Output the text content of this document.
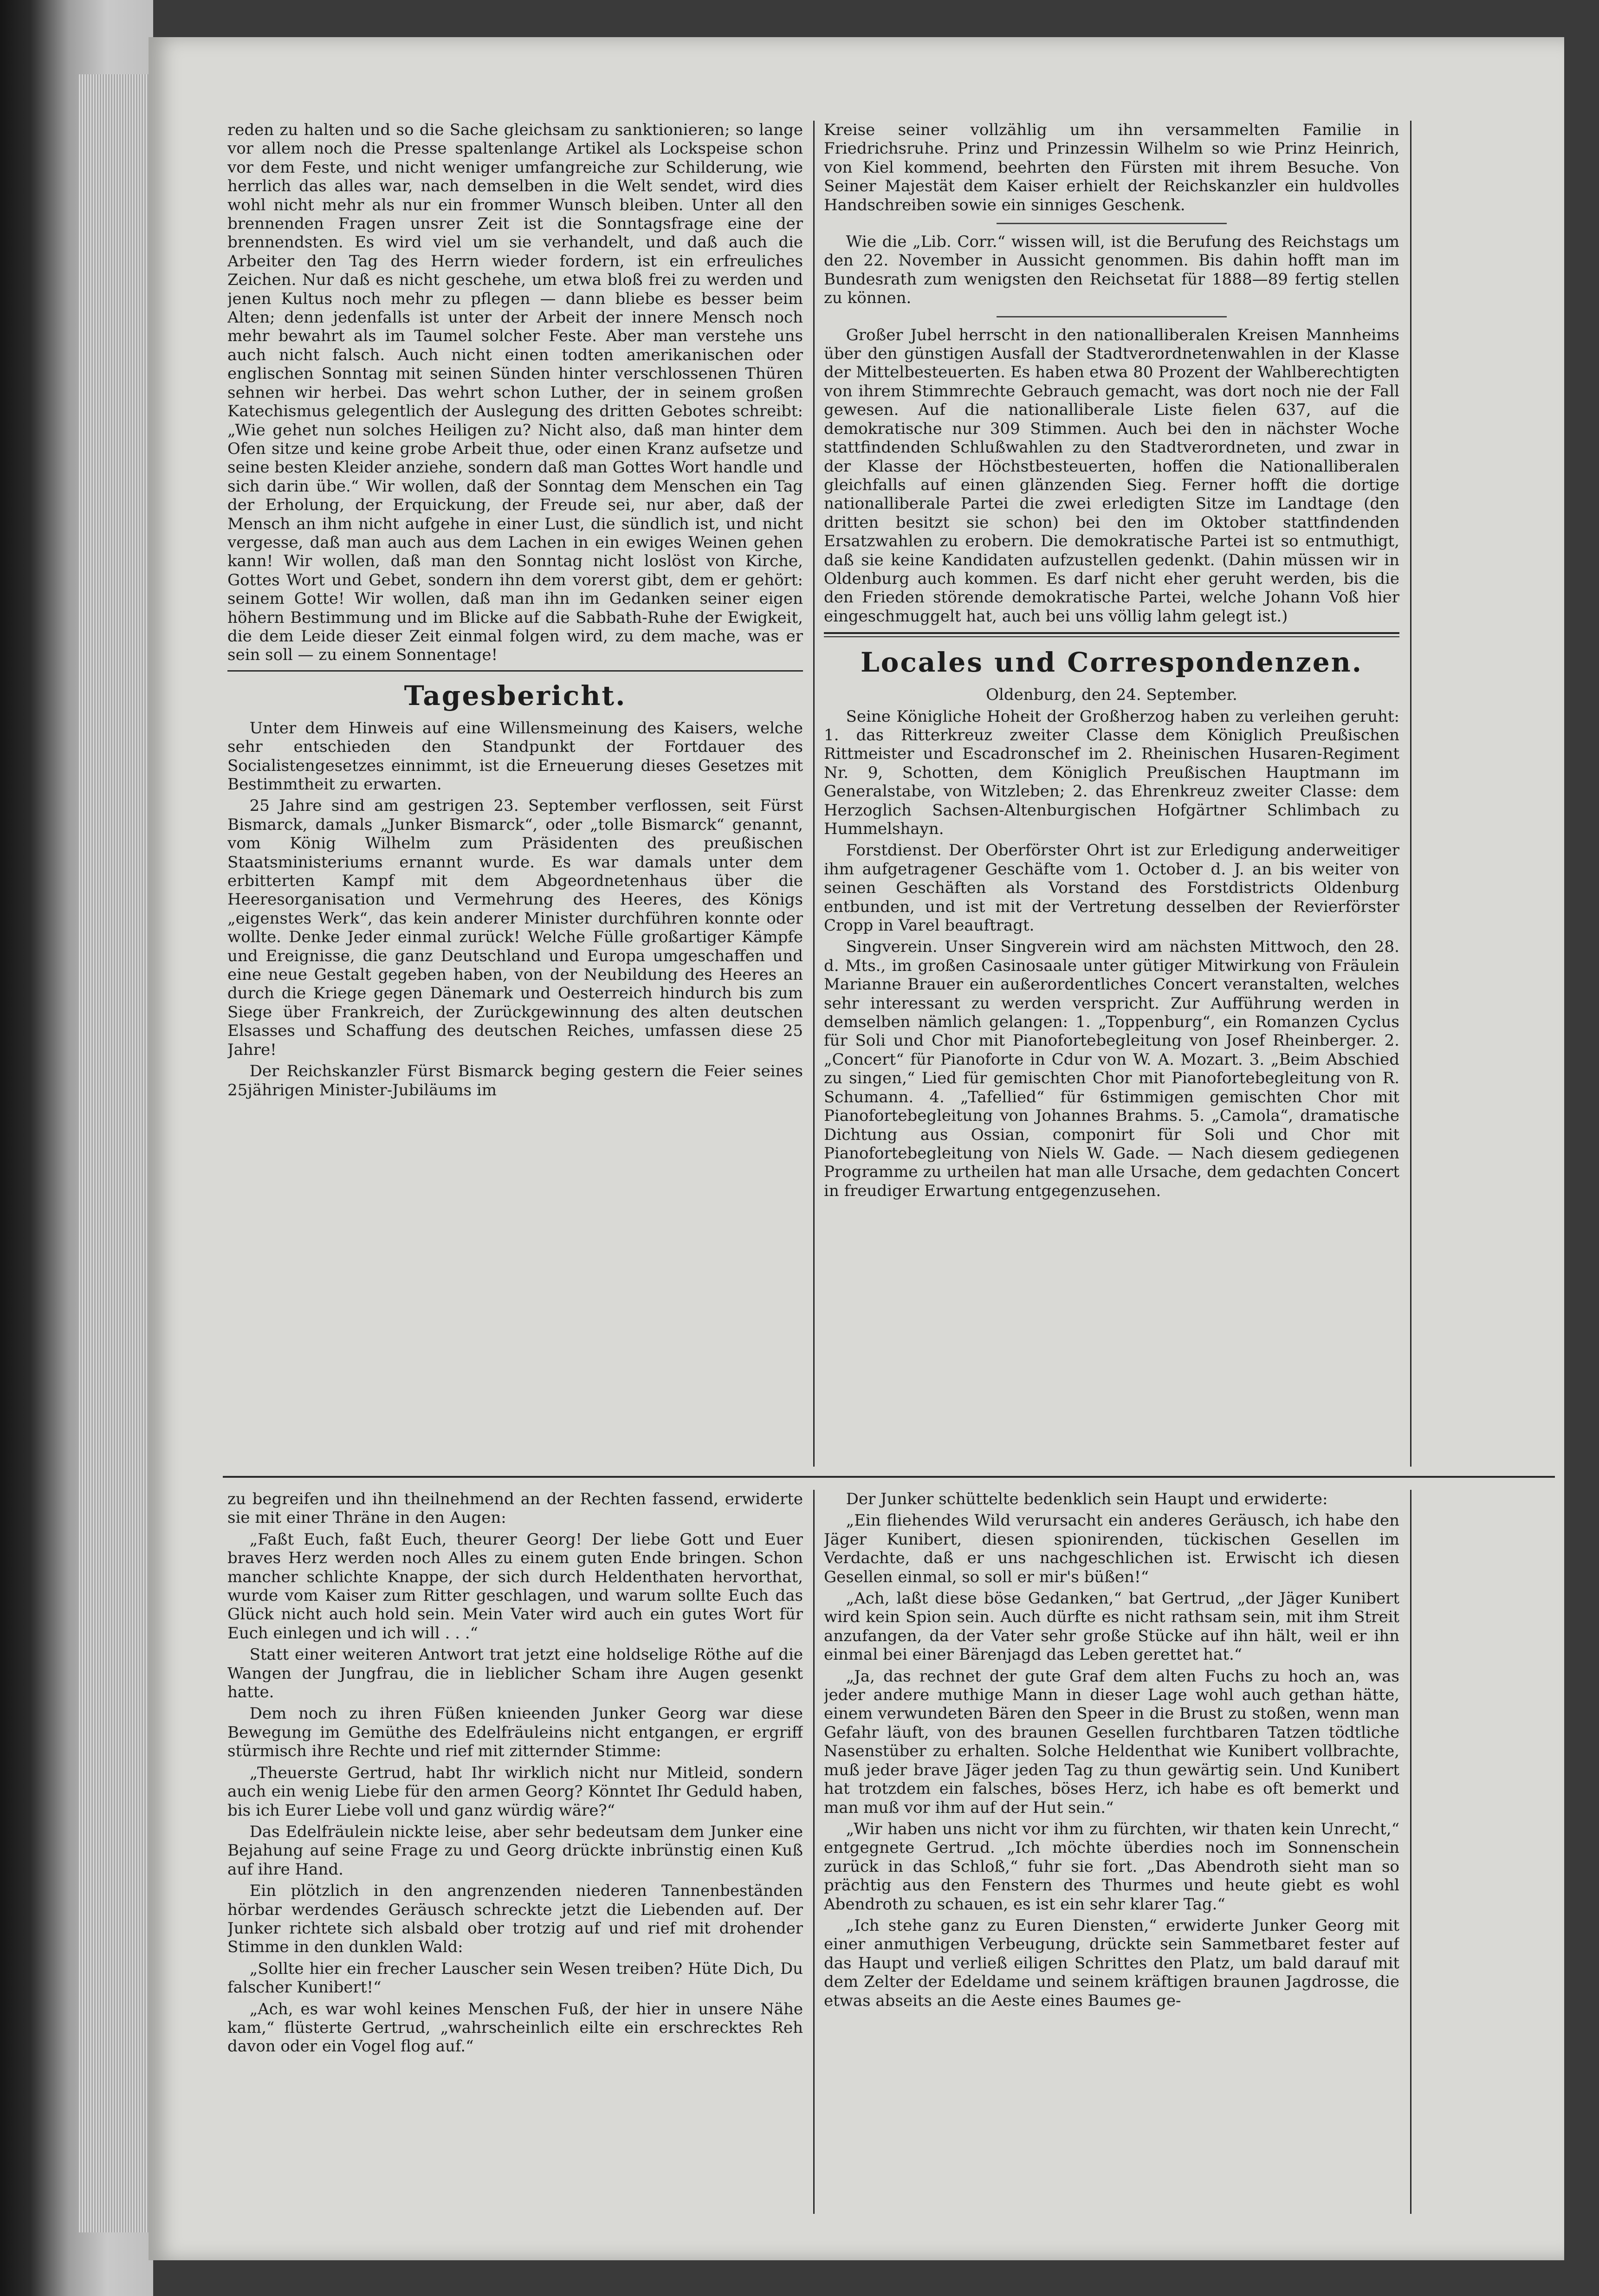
reden zu halten und so die Sache gleichsam zu sanktionieren; so lange vor allem noch die Presse spaltenlange Artikel als Lockspeise schon vor dem Feste, und nicht weniger umfangreiche zur Schilderung, wie herrlich das alles war, nach demselben in die Welt sendet, wird dies wohl nicht mehr als nur ein frommer Wunsch bleiben. Unter all den brennenden Fragen unsrer Zeit ist die Sonntagsfrage eine der brennendsten. Es wird viel um sie verhandelt, und daß auch die Arbeiter den Tag des Herrn wieder fordern, ist ein erfreuliches Zeichen. Nur daß es nicht geschehe, um etwa bloß frei zu werden und jenen Kultus noch mehr zu pflegen — dann bliebe es besser beim Alten; denn jedenfalls ist unter der Arbeit der innere Mensch noch mehr bewahrt als im Taumel solcher Feste. Aber man verstehe uns auch nicht falsch. Auch nicht einen todten amerikanischen oder englischen Sonntag mit seinen Sünden hinter verschlossenen Thüren sehnen wir herbei. Das wehrt schon Luther, der in seinem großen Katechismus gelegentlich der Auslegung des dritten Gebotes schreibt: „Wie gehet nun solches Heiligen zu? Nicht also, daß man hinter dem Ofen sitze und keine grobe Arbeit thue, oder einen Kranz aufsetze und seine besten Kleider anziehe, sondern daß man Gottes Wort handle und sich darin übe.“ Wir wollen, daß der Sonntag dem Menschen ein Tag der Erholung, der Erquickung, der Freude sei, nur aber, daß der Mensch an ihm nicht aufgehe in einer Lust, die sündlich ist, und nicht vergesse, daß man auch aus dem Lachen in ein ewiges Weinen gehen kann! Wir wollen, daß man den Sonntag nicht loslöst von Kirche, Gottes Wort und Gebet, sondern ihn dem vorerst gibt, dem er gehört: seinem Gotte! Wir wollen, daß man ihn im Gedanken seiner eigen höhern Bestimmung und im Blicke auf die Sabbath-Ruhe der Ewigkeit, die dem Leide dieser Zeit einmal folgen wird, zu dem mache, was er sein soll — zu einem Sonnentage!

Tagesbericht.

Unter dem Hinweis auf eine Willensmeinung des Kaisers, welche sehr entschieden den Standpunkt der Fortdauer des Socialistengesetzes einnimmt, ist die Erneuerung dieses Gesetzes mit Bestimmtheit zu erwarten.

25 Jahre sind am gestrigen 23. September verflossen, seit Fürst Bismarck, damals „Junker Bismarck“, oder „tolle Bismarck“ genannt, vom König Wilhelm zum Präsidenten des preußischen Staatsministeriums ernannt wurde. Es war damals unter dem erbitterten Kampf mit dem Abgeordnetenhaus über die Heeresorganisation und Vermehrung des Heeres, des Königs „eigenstes Werk“, das kein anderer Minister durchführen konnte oder wollte. Denke Jeder einmal zurück! Welche Fülle großartiger Kämpfe und Ereignisse, die ganz Deutschland und Europa umgeschaffen und eine neue Gestalt gegeben haben, von der Neubildung des Heeres an durch die Kriege gegen Dänemark und Oesterreich hindurch bis zum Siege über Frankreich, der Zurückgewinnung des alten deutschen Elsasses und Schaffung des deutschen Reiches, umfassen diese 25 Jahre!

Der Reichskanzler Fürst Bismarck beging gestern die Feier seines 25jährigen Minister-Jubiläums im

Kreise seiner vollzählig um ihn versammelten Familie in Friedrichsruhe. Prinz und Prinzessin Wilhelm so wie Prinz Heinrich, von Kiel kommend, beehrten den Fürsten mit ihrem Besuche. Von Seiner Majestät dem Kaiser erhielt der Reichskanzler ein huldvolles Handschreiben sowie ein sinniges Geschenk.

Wie die „Lib. Corr.“ wissen will, ist die Berufung des Reichstags um den 22. November in Aussicht genommen. Bis dahin hofft man im Bundesrath zum wenigsten den Reichsetat für 1888—89 fertig stellen zu können.

Großer Jubel herrscht in den nationalliberalen Kreisen Mannheims über den günstigen Ausfall der Stadtverordnetenwahlen in der Klasse der Mittelbesteuerten. Es haben etwa 80 Prozent der Wahlberechtigten von ihrem Stimmrechte Gebrauch gemacht, was dort noch nie der Fall gewesen. Auf die nationalliberale Liste fielen 637, auf die demokratische nur 309 Stimmen. Auch bei den in nächster Woche stattfindenden Schlußwahlen zu den Stadtverordneten, und zwar in der Klasse der Höchstbesteuerten, hoffen die Nationalliberalen gleichfalls auf einen glänzenden Sieg. Ferner hofft die dortige nationalliberale Partei die zwei erledigten Sitze im Landtage (den dritten besitzt sie schon) bei den im Oktober stattfindenden Ersatzwahlen zu erobern. Die demokratische Partei ist so entmuthigt, daß sie keine Kandidaten aufzustellen gedenkt. (Dahin müssen wir in Oldenburg auch kommen. Es darf nicht eher geruht werden, bis die den Frieden störende demokratische Partei, welche Johann Voß hier eingeschmuggelt hat, auch bei uns völlig lahm gelegt ist.)

Locales und Correspondenzen.

Oldenburg, den 24. September.

Seine Königliche Hoheit der Großherzog haben zu verleihen geruht: 1. das Ritterkreuz zweiter Classe dem Königlich Preußischen Rittmeister und Escadronschef im 2. Rheinischen Husaren-Regiment Nr. 9, Schotten, dem Königlich Preußischen Hauptmann im Generalstabe, von Witzleben; 2. das Ehrenkreuz zweiter Classe: dem Herzoglich Sachsen-Altenburgischen Hofgärtner Schlimbach zu Hummelshayn.

Forstdienst. Der Oberförster Ohrt ist zur Erledigung anderweitiger ihm aufgetragener Geschäfte vom 1. October d. J. an bis weiter von seinen Geschäften als Vorstand des Forstdistricts Oldenburg entbunden, und ist mit der Vertretung desselben der Revierförster Cropp in Varel beauftragt.

Singverein. Unser Singverein wird am nächsten Mittwoch, den 28. d. Mts., im großen Casinosaale unter gütiger Mitwirkung von Fräulein Marianne Brauer ein außerordentliches Concert veranstalten, welches sehr interessant zu werden verspricht. Zur Aufführung werden in demselben nämlich gelangen: 1. „Toppenburg“, ein Romanzen Cyclus für Soli und Chor mit Pianofortebegleitung von Josef Rheinberger. 2. „Concert“ für Pianoforte in Cdur von W. A. Mozart. 3. „Beim Abschied zu singen,“ Lied für gemischten Chor mit Pianofortebegleitung von R. Schumann. 4. „Tafellied“ für 6stimmigen gemischten Chor mit Pianofortebegleitung von Johannes Brahms. 5. „Camola“, dramatische Dichtung aus Ossian, componirt für Soli und Chor mit Pianofortebegleitung von Niels W. Gade. — Nach diesem gediegenen Programme zu urtheilen hat man alle Ursache, dem gedachten Concert in freudiger Erwartung entgegenzusehen.

zu begreifen und ihn theilnehmend an der Rechten fassend, erwiderte sie mit einer Thräne in den Augen:

„Faßt Euch, faßt Euch, theurer Georg! Der liebe Gott und Euer braves Herz werden noch Alles zu einem guten Ende bringen. Schon mancher schlichte Knappe, der sich durch Heldenthaten hervorthat, wurde vom Kaiser zum Ritter geschlagen, und warum sollte Euch das Glück nicht auch hold sein. Mein Vater wird auch ein gutes Wort für Euch einlegen und ich will . . .“

Statt einer weiteren Antwort trat jetzt eine holdselige Röthe auf die Wangen der Jungfrau, die in lieblicher Scham ihre Augen gesenkt hatte.

Dem noch zu ihren Füßen knieenden Junker Georg war diese Bewegung im Gemüthe des Edelfräuleins nicht entgangen, er ergriff stürmisch ihre Rechte und rief mit zitternder Stimme:

„Theuerste Gertrud, habt Ihr wirklich nicht nur Mitleid, sondern auch ein wenig Liebe für den armen Georg? Könntet Ihr Geduld haben, bis ich Eurer Liebe voll und ganz würdig wäre?“

Das Edelfräulein nickte leise, aber sehr bedeutsam dem Junker eine Bejahung auf seine Frage zu und Georg drückte inbrünstig einen Kuß auf ihre Hand.

Ein plötzlich in den angrenzenden niederen Tannenbeständen hörbar werdendes Geräusch schreckte jetzt die Liebenden auf. Der Junker richtete sich alsbald ober trotzig auf und rief mit drohender Stimme in den dunklen Wald:

„Sollte hier ein frecher Lauscher sein Wesen treiben? Hüte Dich, Du falscher Kunibert!“

„Ach, es war wohl keines Menschen Fuß, der hier in unsere Nähe kam,“ flüsterte Gertrud, „wahrscheinlich eilte ein erschrecktes Reh davon oder ein Vogel flog auf.“

Der Junker schüttelte bedenklich sein Haupt und erwiderte:

„Ein fliehendes Wild verursacht ein anderes Geräusch, ich habe den Jäger Kunibert, diesen spionirenden, tückischen Gesellen im Verdachte, daß er uns nachgeschlichen ist. Erwischt ich diesen Gesellen einmal, so soll er mir's büßen!“

„Ach, laßt diese böse Gedanken,“ bat Gertrud, „der Jäger Kunibert wird kein Spion sein. Auch dürfte es nicht rathsam sein, mit ihm Streit anzufangen, da der Vater sehr große Stücke auf ihn hält, weil er ihn einmal bei einer Bärenjagd das Leben gerettet hat.“

„Ja, das rechnet der gute Graf dem alten Fuchs zu hoch an, was jeder andere muthige Mann in dieser Lage wohl auch gethan hätte, einem verwundeten Bären den Speer in die Brust zu stoßen, wenn man Gefahr läuft, von des braunen Gesellen furchtbaren Tatzen tödtliche Nasenstüber zu erhalten. Solche Heldenthat wie Kunibert vollbrachte, muß jeder brave Jäger jeden Tag zu thun gewärtig sein. Und Kunibert hat trotzdem ein falsches, böses Herz, ich habe es oft bemerkt und man muß vor ihm auf der Hut sein.“

„Wir haben uns nicht vor ihm zu fürchten, wir thaten kein Unrecht,“ entgegnete Gertrud. „Ich möchte überdies noch im Sonnenschein zurück in das Schloß,“ fuhr sie fort. „Das Abendroth sieht man so prächtig aus den Fenstern des Thurmes und heute giebt es wohl Abendroth zu schauen, es ist ein sehr klarer Tag.“

„Ich stehe ganz zu Euren Diensten,“ erwiderte Junker Georg mit einer anmuthigen Verbeugung, drückte sein Sammetbaret fester auf das Haupt und verließ eiligen Schrittes den Platz, um bald darauf mit dem Zelter der Edeldame und seinem kräftigen braunen Jagdrosse, die etwas abseits an die Aeste eines Baumes ge-
